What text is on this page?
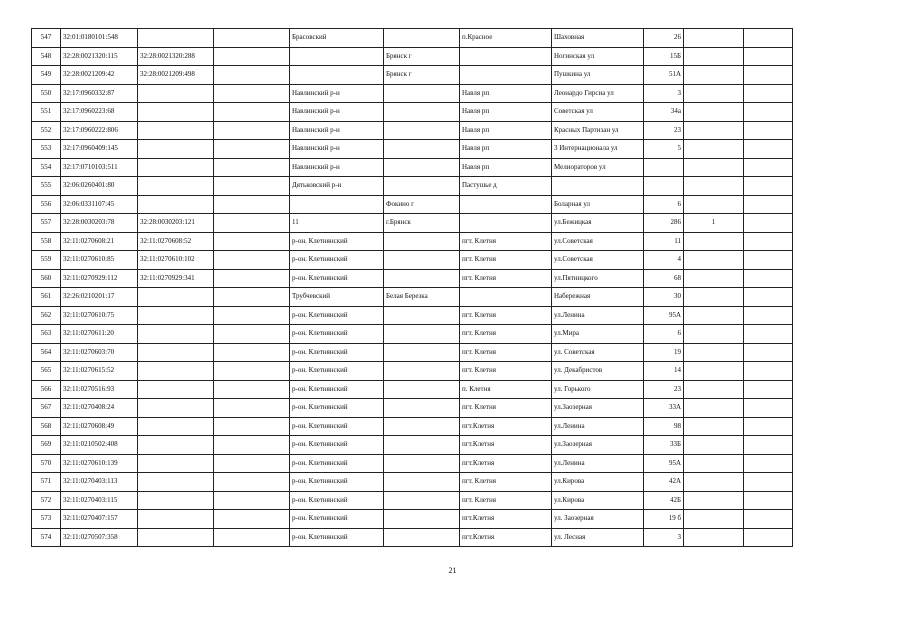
547	32:01:0180101:548			Брасовский		п.Красное	Шаховная	26		
548	32:28:0021320:115	32:28:0021320:288			Брянск г		Ногинская ул	15Б		
549	32:28:0021209:42	32:28:0021209:498			Брянск г		Пушкина ул	51А		
550	32:17:0960332:87			Навлинский р-н		Навля рп	Леонардо Гирсиа ул	3		
551	32:17:0960223:68			Навлинский р-н		Навля рп	Советская ул	34а		
552	32:17:0960222:806			Навлинский р-н		Навля рп	Красных Партизан ул	23		
553	32:17:0960409:145			Навлинский р-н		Навля рп	3 Интернационала ул	5		
554	32:17:0710103:511			Навлинский р-н		Навля рп	Мелиораторов ул			
555	32:06:0260401:80			Дятьковский р-н		Пастушье д				
556	32:06:0331107:45				Фокино г		Боларная ул	6		
557	32:28:0030203:78	32:28:0030203:121		11	г.Брянск		ул.Бежицкая	286	1	
558	32:11:0270608:21	32:11:0270608:52		р-он. Клетнянский		пгт. Клетня	ул.Советская	11		
559	32:11:0270610:85	32:11:0270610:102		р-он. Клетнянский		пгт. Клетня	ул.Советская	4		
560	32:11:0270929:112	32:11:0270929:341		р-он. Клетнянский		пгт. Клетня	ул.Пятницкого	68		
561	32:26:0210201:17			Трубчевский	Белая Березка		Набережная	30		
562	32:11:0270610:75			р-он. Клетнянский		пгт. Клетня	ул.Ленина	95А		
563	32:11:0270611:20			р-он. Клетнянский		пгт. Клетня	ул.Мира	6		
564	32:11:0270603:70			р-он. Клетнянский		пгт. Клетня	ул. Советская	19		
565	32:11:0270615:52			р-он. Клетнянский		пгт. Клетня	ул. Декабристов	14		
566	32:11:0270516:93			р-он. Клетнянский		п. Клетня	ул. Горького	23		
567	32:11:0270408:24			р-он. Клетнянский		пгт. Клетня	ул.Заозерная	33А		
568	32:11:0270608:49			р-он. Клетнянский		пгт.Клетня	ул.Ленина	98		
569	32:11:0210502:408			р-он. Клетнянский		пгт.Клетня	ул.Заозерная	33Б		
570	32:11:0270610:139			р-он. Клетнянский		пгт.Клетня	ул.Ленина	95А		
571	32:11:0270403:113			р-он. Клетнянский		пгт. Клетня	ул.Кирова	42А		
572	32:11:0270403:115			р-он. Клетнянский		пгт. Клетня	ул.Кирова	42Б		
573	32:11:0270407:157			р-он. Клетнянский		пгт.Клетня	ул. Заозерная	19 б		
574	32:11:0270507:358			р-он. Клетнянский		пгт.Клетня	ул. Лесная	3		
21
